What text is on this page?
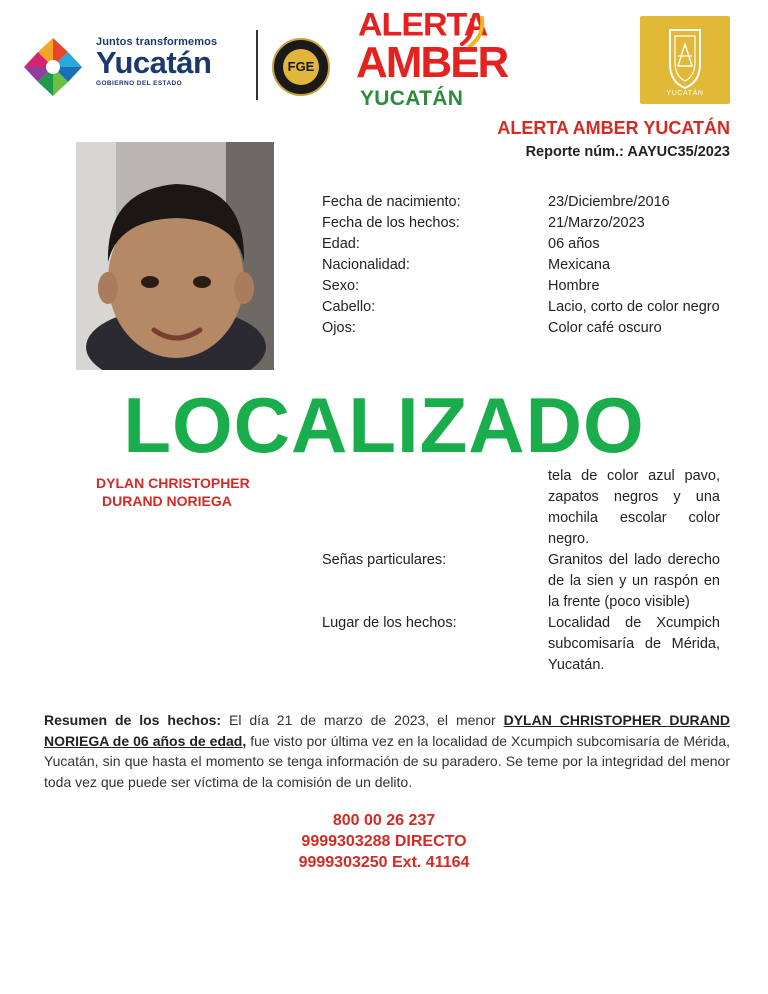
Juntos transformemos
Yucatán
GOBIERNO DEL ESTADO
FGE
ALERTA
AMBER
YUCATÁN	YUCATÁN
ALERTA AMBER YUCATÁN
Reporte núm.: AAYUC35/2023
Fecha de nacimiento:	23/Diciembre/2016
Fecha de los hechos:	21/Marzo/2023
Edad:	06 años
Nacionalidad:	Mexicana
Sexo:	Hombre
Cabello:	Lacio, corto de color negro
Ojos:	Color café oscuro
LOCALIZADO
DYLAN CHRISTOPHER
DURAND NORIEGA
tela de color azul pavo, zapatos negros y una mochila escolar color negro.
Señas particulares:	Granitos del lado derecho de la sien y un raspón en la frente (poco visible)
Lugar de los hechos:	Localidad de Xcumpich subcomisaría de Mérida, Yucatán.
Resumen de los hechos: El día 21 de marzo de 2023, el menor DYLAN CHRISTOPHER DURAND NORIEGA de 06 años de edad, fue visto por última vez en la localidad de Xcumpich subcomisaría de Mérida, Yucatán, sin que hasta el momento se tenga información de su paradero. Se teme por la integridad del menor toda vez que puede ser víctima de la comisión de un delito.
800 00 26 237
9999303288 DIRECTO
9999303250 Ext. 41164
